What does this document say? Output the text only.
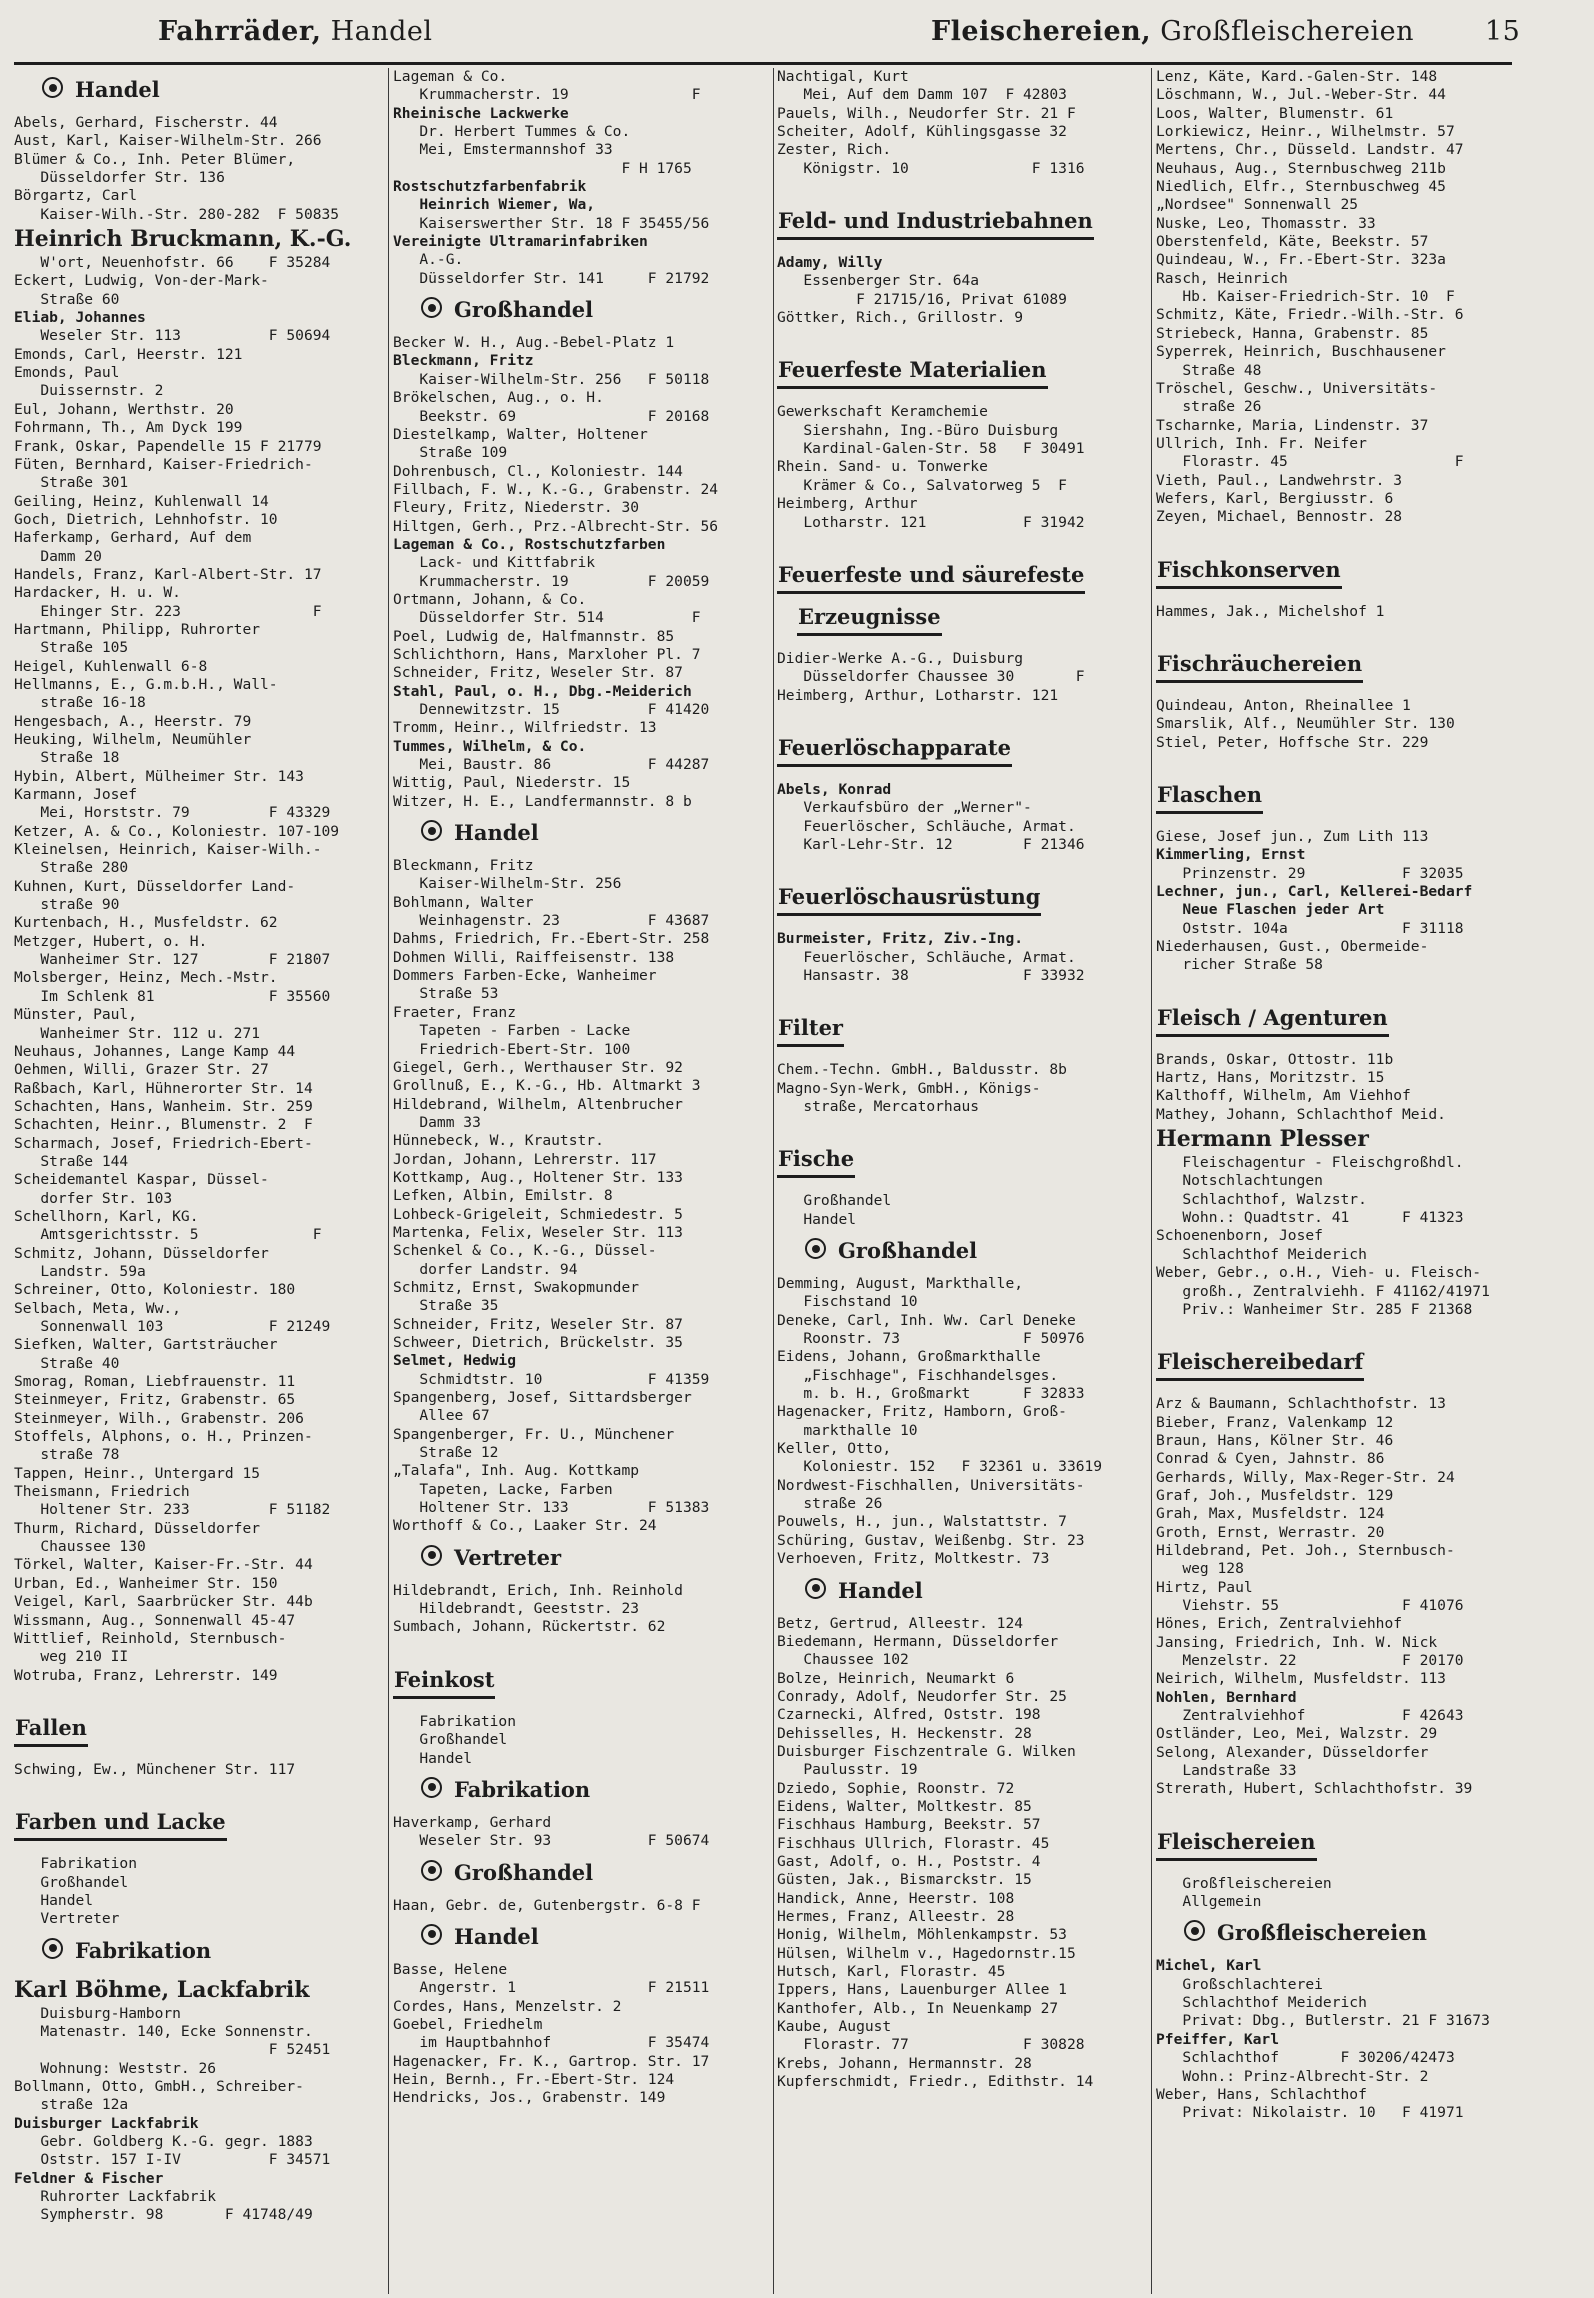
Fahrräder, Handel	Fleischereien, Großfleischereien	15
Handel
Abels, Gerhard, Fischerstr. 44
Aust, Karl, Kaiser-Wilhelm-Str. 266
Blümer & Co., Inh. Peter Blümer,
Düsseldorfer Str. 136
Börgartz, Carl
Kaiser-Wilh.-Str. 280-282  F 50835
Heinrich Bruckmann, K.-G.
W'ort, Neuenhofstr. 66    F 35284
Eckert, Ludwig, Von-der-Mark-
Straße 60
Eliab, Johannes
Weseler Str. 113          F 50694
Emonds, Carl, Heerstr. 121
Emonds, Paul
Duissernstr. 2
Eul, Johann, Werthstr. 20
Fohrmann, Th., Am Dyck 199
Frank, Oskar, Papendelle 15 F 21779
Füten, Bernhard, Kaiser-Friedrich-
Straße 301
Geiling, Heinz, Kuhlenwall 14
Goch, Dietrich, Lehnhofstr. 10
Haferkamp, Gerhard, Auf dem
Damm 20
Handels, Franz, Karl-Albert-Str. 17
Hardacker, H. u. W.
Ehinger Str. 223               F
Hartmann, Philipp, Ruhrorter
Straße 105
Heigel, Kuhlenwall 6-8
Hellmanns, E., G.m.b.H., Wall-
straße 16-18
Hengesbach, A., Heerstr. 79
Heuking, Wilhelm, Neumühler
Straße 18
Hybin, Albert, Mülheimer Str. 143
Karmann, Josef
Mei, Horststr. 79         F 43329
Ketzer, A. & Co., Koloniestr. 107-109
Kleinelsen, Heinrich, Kaiser-Wilh.-
Straße 280
Kuhnen, Kurt, Düsseldorfer Land-
straße 90
Kurtenbach, H., Musfeldstr. 62
Metzger, Hubert, o. H.
Wanheimer Str. 127        F 21807
Molsberger, Heinz, Mech.-Mstr.
Im Schlenk 81             F 35560
Münster, Paul,
Wanheimer Str. 112 u. 271
Neuhaus, Johannes, Lange Kamp 44
Oehmen, Willi, Grazer Str. 27
Raßbach, Karl, Hühnerorter Str. 14
Schachten, Hans, Wanheim. Str. 259
Schachten, Heinr., Blumenstr. 2  F
Scharmach, Josef, Friedrich-Ebert-
Straße 144
Scheidemantel Kaspar, Düssel-
dorfer Str. 103
Schellhorn, Karl, KG.
Amtsgerichtsstr. 5             F
Schmitz, Johann, Düsseldorfer
Landstr. 59a
Schreiner, Otto, Koloniestr. 180
Selbach, Meta, Ww.,
Sonnenwall 103            F 21249
Siefken, Walter, Gartsträucher
Straße 40
Smorag, Roman, Liebfrauenstr. 11
Steinmeyer, Fritz, Grabenstr. 65
Steinmeyer, Wilh., Grabenstr. 206
Stoffels, Alphons, o. H., Prinzen-
straße 78
Tappen, Heinr., Untergard 15
Theismann, Friedrich
Holtener Str. 233         F 51182
Thurm, Richard, Düsseldorfer
Chaussee 130
Törkel, Walter, Kaiser-Fr.-Str. 44
Urban, Ed., Wanheimer Str. 150
Veigel, Karl, Saarbrücker Str. 44b
Wissmann, Aug., Sonnenwall 45-47
Wittlief, Reinhold, Sternbusch-
weg 210 II
Wotruba, Franz, Lehrerstr. 149
Fallen
Schwing, Ew., Münchener Str. 117
Farben und Lacke
Fabrikation
Großhandel
Handel
Vertreter
Fabrikation
Karl Böhme, Lackfabrik
Duisburg-Hamborn
Matenastr. 140, Ecke Sonnenstr.
F 52451
Wohnung: Weststr. 26
Bollmann, Otto, GmbH., Schreiber-
straße 12a
Duisburger Lackfabrik
Gebr. Goldberg K.-G. gegr. 1883
Oststr. 157 I-IV          F 34571
Feldner & Fischer
Ruhrorter Lackfabrik
Sympherstr. 98       F 41748/49
Lageman & Co.
Krummacherstr. 19              F
Rheinische Lackwerke
Dr. Herbert Tummes & Co.
Mei, Emstermannshof 33
F H 1765
Rostschutzfarbenfabrik
Heinrich Wiemer, Wa,
Kaiserswerther Str. 18 F 35455/56
Vereinigte Ultramarinfabriken
A.-G.
Düsseldorfer Str. 141     F 21792
Großhandel
Becker W. H., Aug.-Bebel-Platz 1
Bleckmann, Fritz
Kaiser-Wilhelm-Str. 256   F 50118
Brökelschen, Aug., o. H.
Beekstr. 69               F 20168
Diestelkamp, Walter, Holtener
Straße 109
Dohrenbusch, Cl., Koloniestr. 144
Fillbach, F. W., K.-G., Grabenstr. 24
Fleury, Fritz, Niederstr. 30
Hiltgen, Gerh., Prz.-Albrecht-Str. 56
Lageman & Co., Rostschutzfarben
Lack- und Kittfabrik
Krummacherstr. 19         F 20059
Ortmann, Johann, & Co.
Düsseldorfer Str. 514          F
Poel, Ludwig de, Halfmannstr. 85
Schlichthorn, Hans, Marxloher Pl. 7
Schneider, Fritz, Weseler Str. 87
Stahl, Paul, o. H., Dbg.-Meiderich
Dennewitzstr. 15          F 41420
Tromm, Heinr., Wilfriedstr. 13
Tummes, Wilhelm, & Co.
Mei, Baustr. 86           F 44287
Wittig, Paul, Niederstr. 15
Witzer, H. E., Landfermannstr. 8 b
Handel
Bleckmann, Fritz
Kaiser-Wilhelm-Str. 256
Bohlmann, Walter
Weinhagenstr. 23          F 43687
Dahms, Friedrich, Fr.-Ebert-Str. 258
Dohmen Willi, Raiffeisenstr. 138
Dommers Farben-Ecke, Wanheimer
Straße 53
Fraeter, Franz
Tapeten - Farben - Lacke
Friedrich-Ebert-Str. 100
Giegel, Gerh., Werthauser Str. 92
Grollnuß, E., K.-G., Hb. Altmarkt 3
Hildebrand, Wilhelm, Altenbrucher
Damm 33
Hünnebeck, W., Krautstr.
Jordan, Johann, Lehrerstr. 117
Kottkamp, Aug., Holtener Str. 133
Lefken, Albin, Emilstr. 8
Lohbeck-Grigeleit, Schmiedestr. 5
Martenka, Felix, Weseler Str. 113
Schenkel & Co., K.-G., Düssel-
dorfer Landstr. 94
Schmitz, Ernst, Swakopmunder
Straße 35
Schneider, Fritz, Weseler Str. 87
Schweer, Dietrich, Brückelstr. 35
Selmet, Hedwig
Schmidtstr. 10            F 41359
Spangenberg, Josef, Sittardsberger
Allee 67
Spangenberger, Fr. U., Münchener
Straße 12
„Talafa", Inh. Aug. Kottkamp
Tapeten, Lacke, Farben
Holtener Str. 133         F 51383
Worthoff & Co., Laaker Str. 24
Vertreter
Hildebrandt, Erich, Inh. Reinhold
Hildebrandt, Geeststr. 23
Sumbach, Johann, Rückertstr. 62
Feinkost
Fabrikation
Großhandel
Handel
Fabrikation
Haverkamp, Gerhard
Weseler Str. 93           F 50674
Großhandel
Haan, Gebr. de, Gutenbergstr. 6-8 F
Handel
Basse, Helene
Angerstr. 1               F 21511
Cordes, Hans, Menzelstr. 2
Goebel, Friedhelm
im Hauptbahnhof           F 35474
Hagenacker, Fr. K., Gartrop. Str. 17
Hein, Bernh., Fr.-Ebert-Str. 124
Hendricks, Jos., Grabenstr. 149
Nachtigal, Kurt
Mei, Auf dem Damm 107  F 42803
Pauels, Wilh., Neudorfer Str. 21 F
Scheiter, Adolf, Kühlingsgasse 32
Zester, Rich.
Königstr. 10              F 1316
Feld- und Industriebahnen
Adamy, Willy
Essenberger Str. 64a
F 21715/16, Privat 61089
Göttker, Rich., Grillostr. 9
Feuerfeste Materialien
Gewerkschaft Keramchemie
Siershahn, Ing.-Büro Duisburg
Kardinal-Galen-Str. 58   F 30491
Rhein. Sand- u. Tonwerke
Krämer & Co., Salvatorweg 5  F
Heimberg, Arthur
Lotharstr. 121           F 31942
Feuerfeste und säurefeste
Erzeugnisse
Didier-Werke A.-G., Duisburg
Düsseldorfer Chaussee 30       F
Heimberg, Arthur, Lotharstr. 121
Feuerlöschapparate
Abels, Konrad
Verkaufsbüro der „Werner"-
Feuerlöscher, Schläuche, Armat.
Karl-Lehr-Str. 12        F 21346
Feuerlöschausrüstung
Burmeister, Fritz, Ziv.-Ing.
Feuerlöscher, Schläuche, Armat.
Hansastr. 38             F 33932
Filter
Chem.-Techn. GmbH., Baldusstr. 8b
Magno-Syn-Werk, GmbH., Königs-
straße, Mercatorhaus
Fische
Großhandel
Handel
Großhandel
Demming, August, Markthalle,
Fischstand 10
Deneke, Carl, Inh. Ww. Carl Deneke
Roonstr. 73              F 50976
Eidens, Johann, Großmarkthalle
„Fischhage", Fischhandelsges.
m. b. H., Großmarkt      F 32833
Hagenacker, Fritz, Hamborn, Groß-
markthalle 10
Keller, Otto,
Koloniestr. 152   F 32361 u. 33619
Nordwest-Fischhallen, Universitäts-
straße 26
Pouwels, H., jun., Walstattstr. 7
Schüring, Gustav, Weißenbg. Str. 23
Verhoeven, Fritz, Moltkestr. 73
Handel
Betz, Gertrud, Alleestr. 124
Biedemann, Hermann, Düsseldorfer
Chaussee 102
Bolze, Heinrich, Neumarkt 6
Conrady, Adolf, Neudorfer Str. 25
Czarnecki, Alfred, Oststr. 198
Dehisselles, H. Heckenstr. 28
Duisburger Fischzentrale G. Wilken
Paulusstr. 19
Dziedo, Sophie, Roonstr. 72
Eidens, Walter, Moltkestr. 85
Fischhaus Hamburg, Beekstr. 57
Fischhaus Ullrich, Florastr. 45
Gast, Adolf, o. H., Poststr. 4
Güsten, Jak., Bismarckstr. 15
Handick, Anne, Heerstr. 108
Hermes, Franz, Alleestr. 28
Honig, Wilhelm, Möhlenkampstr. 53
Hülsen, Wilhelm v., Hagedornstr.15
Hutsch, Karl, Florastr. 45
Ippers, Hans, Lauenburger Allee 1
Kanthofer, Alb., In Neuenkamp 27
Kaube, August
Florastr. 77             F 30828
Krebs, Johann, Hermannstr. 28
Kupferschmidt, Friedr., Edithstr. 14
Lenz, Käte, Kard.-Galen-Str. 148
Löschmann, W., Jul.-Weber-Str. 44
Loos, Walter, Blumenstr. 61
Lorkiewicz, Heinr., Wilhelmstr. 57
Mertens, Chr., Düsseld. Landstr. 47
Neuhaus, Aug., Sternbuschweg 211b
Niedlich, Elfr., Sternbuschweg 45
„Nordsee" Sonnenwall 25
Nuske, Leo, Thomasstr. 33
Oberstenfeld, Käte, Beekstr. 57
Quindeau, W., Fr.-Ebert-Str. 323a
Rasch, Heinrich
Hb. Kaiser-Friedrich-Str. 10  F
Schmitz, Käte, Friedr.-Wilh.-Str. 6
Striebeck, Hanna, Grabenstr. 85
Syperrek, Heinrich, Buschhausener
Straße 48
Tröschel, Geschw., Universitäts-
straße 26
Tscharnke, Maria, Lindenstr. 37
Ullrich, Inh. Fr. Neifer
Florastr. 45                   F
Vieth, Paul., Landwehrstr. 3
Wefers, Karl, Bergiusstr. 6
Zeyen, Michael, Bennostr. 28
Fischkonserven
Hammes, Jak., Michelshof 1
Fischräuchereien
Quindeau, Anton, Rheinallee 1
Smarslik, Alf., Neumühler Str. 130
Stiel, Peter, Hoffsche Str. 229
Flaschen
Giese, Josef jun., Zum Lith 113
Kimmerling, Ernst
Prinzenstr. 29           F 32035
Lechner, jun., Carl, Kellerei-Bedarf
Neue Flaschen jeder Art
Oststr. 104a             F 31118
Niederhausen, Gust., Obermeide-
richer Straße 58
Fleisch / Agenturen
Brands, Oskar, Ottostr. 11b
Hartz, Hans, Moritzstr. 15
Kalthoff, Wilhelm, Am Viehhof
Mathey, Johann, Schlachthof Meid.
Hermann Plesser
Fleischagentur - Fleischgroßhdl.
Notschlachtungen
Schlachthof, Walzstr.
Wohn.: Quadtstr. 41      F 41323
Schoenenborn, Josef
Schlachthof Meiderich
Weber, Gebr., o.H., Vieh- u. Fleisch-
großh., Zentralviehh. F 41162/41971
Priv.: Wanheimer Str. 285 F 21368
Fleischereibedarf
Arz & Baumann, Schlachthofstr. 13
Bieber, Franz, Valenkamp 12
Braun, Hans, Kölner Str. 46
Conrad & Cyen, Jahnstr. 86
Gerhards, Willy, Max-Reger-Str. 24
Graf, Joh., Musfeldstr. 129
Grah, Max, Musfeldstr. 124
Groth, Ernst, Werrastr. 20
Hildebrand, Pet. Joh., Sternbusch-
weg 128
Hirtz, Paul
Viehstr. 55              F 41076
Hönes, Erich, Zentralviehhof
Jansing, Friedrich, Inh. W. Nick
Menzelstr. 22            F 20170
Neirich, Wilhelm, Musfeldstr. 113
Nohlen, Bernhard
Zentralviehhof           F 42643
Ostländer, Leo, Mei, Walzstr. 29
Selong, Alexander, Düsseldorfer
Landstraße 33
Strerath, Hubert, Schlachthofstr. 39
Fleischereien
Großfleischereien
Allgemein
Großfleischereien
Michel, Karl
Großschlachterei
Schlachthof Meiderich
Privat: Dbg., Butlerstr. 21 F 31673
Pfeiffer, Karl
Schlachthof       F 30206/42473
Wohn.: Prinz-Albrecht-Str. 2
Weber, Hans, Schlachthof
Privat: Nikolaistr. 10   F 41971
